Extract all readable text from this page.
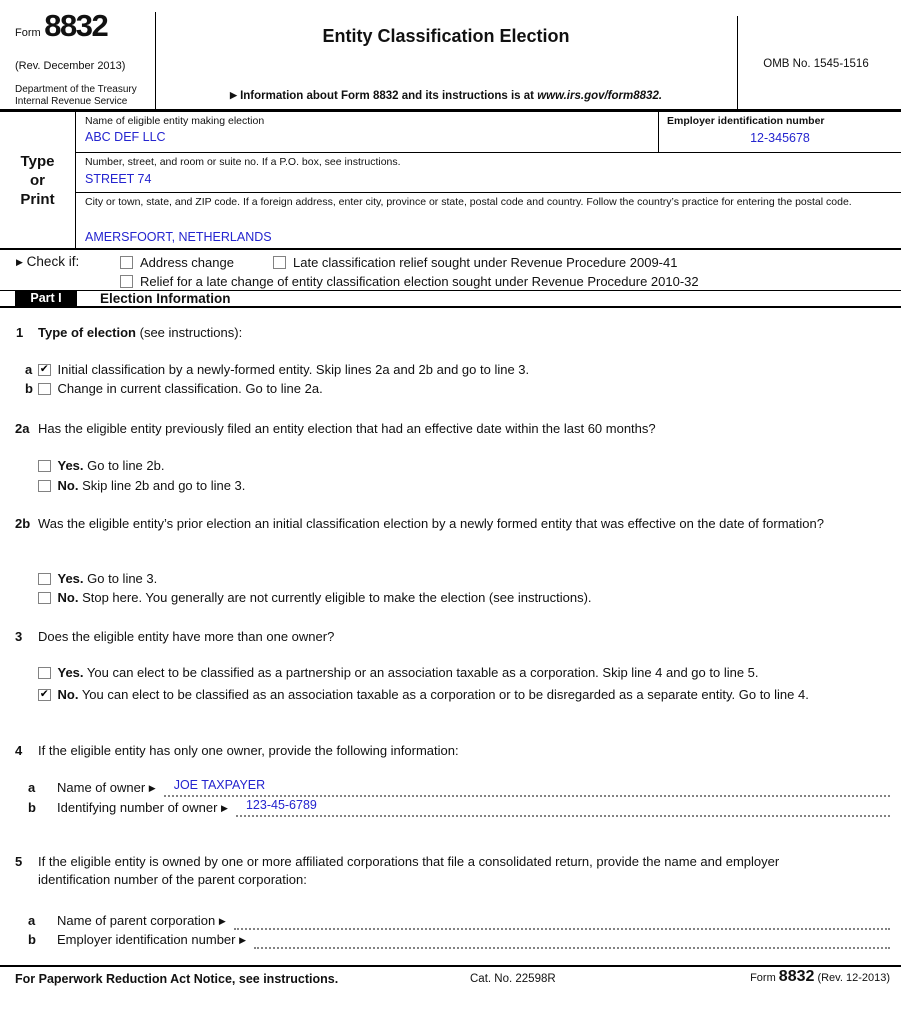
Form 8832
(Rev. December 2013)
Department of the Treasury
Internal Revenue Service
Entity Classification Election
▶ Information about Form 8832 and its instructions is at www.irs.gov/form8832.
OMB No. 1545-1516
Type
or
Print
Name of eligible entity making election
ABC DEF LLC
Employer identification number
12-345678
Number, street, and room or suite no. If a P.O. box, see instructions.
STREET 74
City or town, state, and ZIP code. If a foreign address, enter city, province or state, postal code and country. Follow the country’s practice for entering the postal code.
AMERSFOORT, NETHERLANDS
▶ Check if:	Address change	Late classification relief sought under Revenue Procedure 2009-41
Relief for a late change of entity classification election sought under Revenue Procedure 2010-32
Part I	Election Information
1 Type of election (see instructions):
a ✔ Initial classification by a newly-formed entity. Skip lines 2a and 2b and go to line 3.
b Change in current classification. Go to line 2a.
2a Has the eligible entity previously filed an entity election that had an effective date within the last 60 months?
Yes. Go to line 2b.
No. Skip line 2b and go to line 3.
2b Was the eligible entity’s prior election an initial classification election by a newly formed entity that was effective on the date of formation?
Yes. Go to line 3.
No. Stop here. You generally are not currently eligible to make the election (see instructions).
3 Does the eligible entity have more than one owner?
Yes. You can elect to be classified as a partnership or an association taxable as a corporation. Skip line 4 and go to line 5.
✔ No. You can elect to be classified as an association taxable as a corporation or to be disregarded as a separate entity. Go to line 4.
4 If the eligible entity has only one owner, provide the following information:
a	Name of owner ▶ JOE TAXPAYER
b	Identifying number of owner ▶ 123-45-6789
5 If the eligible entity is owned by one or more affiliated corporations that file a consolidated return, provide the name and employer identification number of the parent corporation:
a	Name of parent corporation ▶
b	Employer identification number ▶
For Paperwork Reduction Act Notice, see instructions.	Cat. No. 22598R	Form 8832 (Rev. 12-2013)
